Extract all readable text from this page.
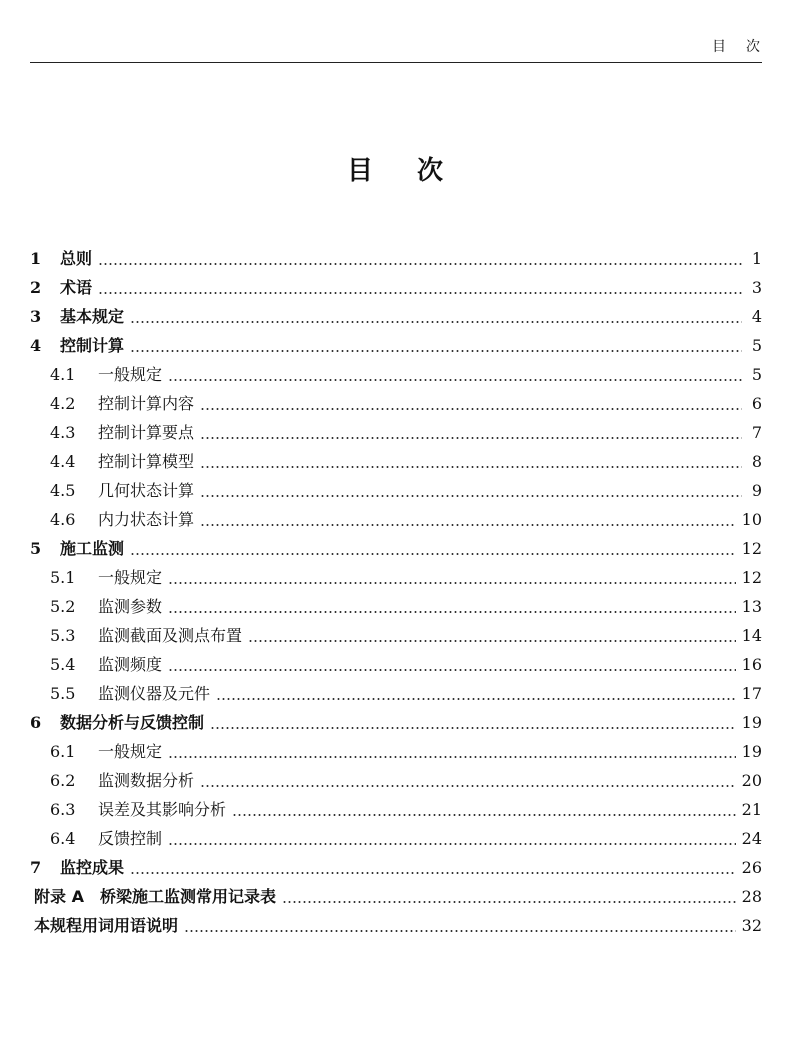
目次
目次
1	总则	1
2	术语	3
3	基本规定	4
4	控制计算	5
4.1	一般规定	5
4.2	控制计算内容	6
4.3	控制计算要点	7
4.4	控制计算模型	8
4.5	几何状态计算	9
4.6	内力状态计算	10
5	施工监测	12
5.1	一般规定	12
5.2	监测参数	13
5.3	监测截面及测点布置	14
5.4	监测频度	16
5.5	监测仪器及元件	17
6	数据分析与反馈控制	19
6.1	一般规定	19
6.2	监测数据分析	20
6.3	误差及其影响分析	21
6.4	反馈控制	24
7	监控成果	26
附录 A　桥梁施工监测常用记录表	28
本规程用词用语说明	32
